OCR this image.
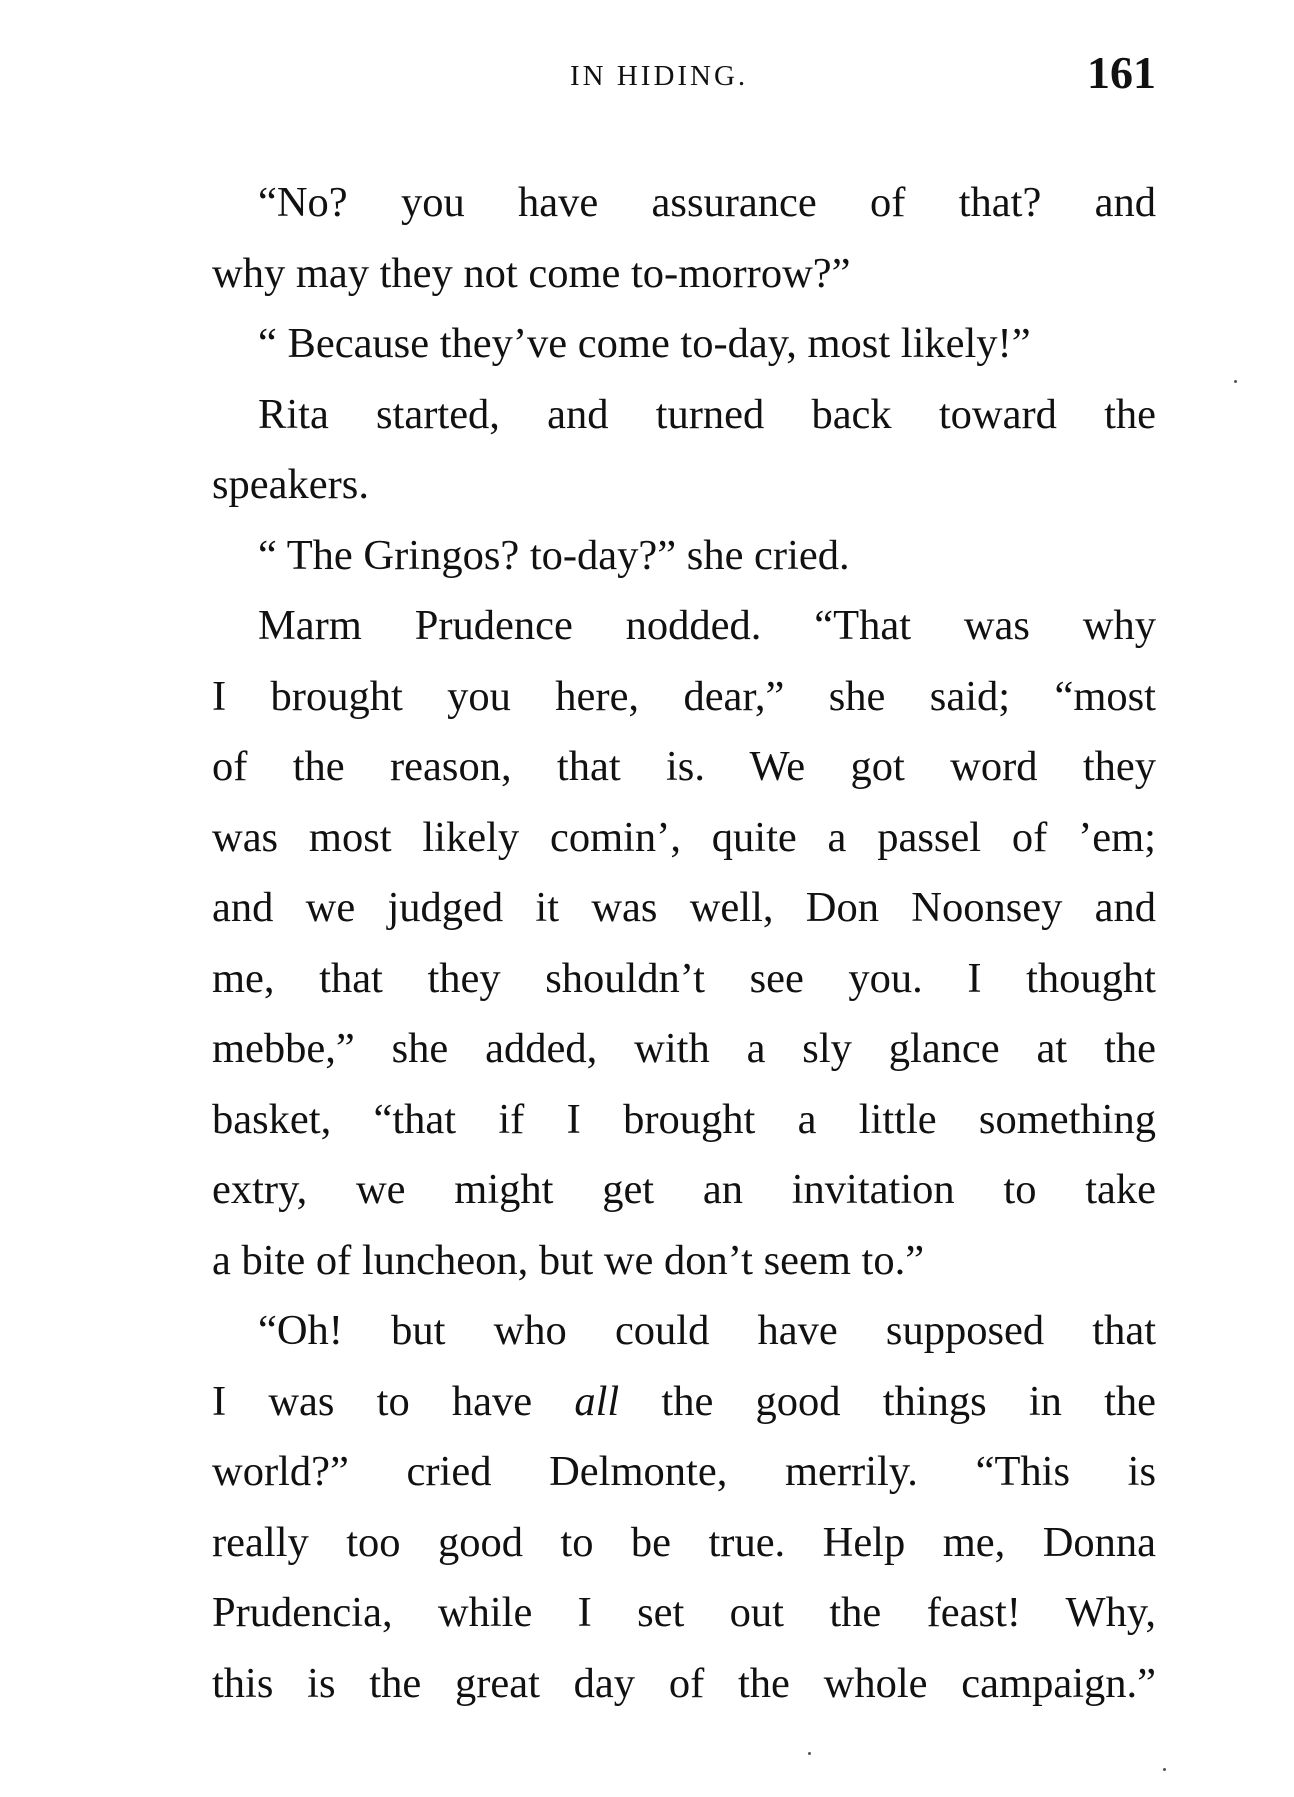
IN HIDING.	161
“No? you have assurance of that? and
why may they not come to-morrow?”
“ Because they’ve come to-day, most likely!”
Rita started, and turned back toward the
speakers.
“ The Gringos? to-day?” she cried.
Marm Prudence nodded. “That was why
I brought you here, dear,” she said; “most
of the reason, that is. We got word they
was most likely comin’, quite a passel of ’em;
and we judged it was well, Don Noonsey and
me, that they shouldn’t see you. I thought
mebbe,” she added, with a sly glance at the
basket, “that if I brought a little something
extry, we might get an invitation to take
a bite of luncheon, but we don’t seem to.”
“Oh! but who could have supposed that
I was to have all the good things in the
world?” cried Delmonte, merrily. “This is
really too good to be true. Help me, Donna
Prudencia, while I set out the feast! Why,
this is the great day of the whole campaign.”
